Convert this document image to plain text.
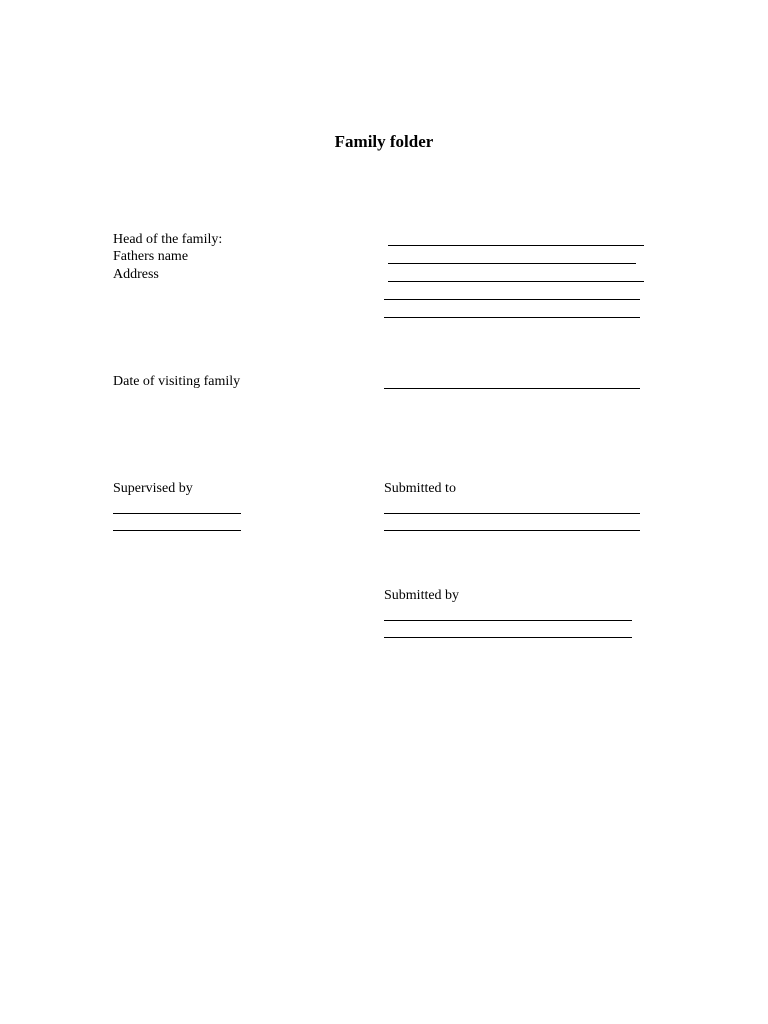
Family folder
Head of the family:
Fathers name
Address
Date of visiting family
Supervised by	Submitted to
Submitted by
